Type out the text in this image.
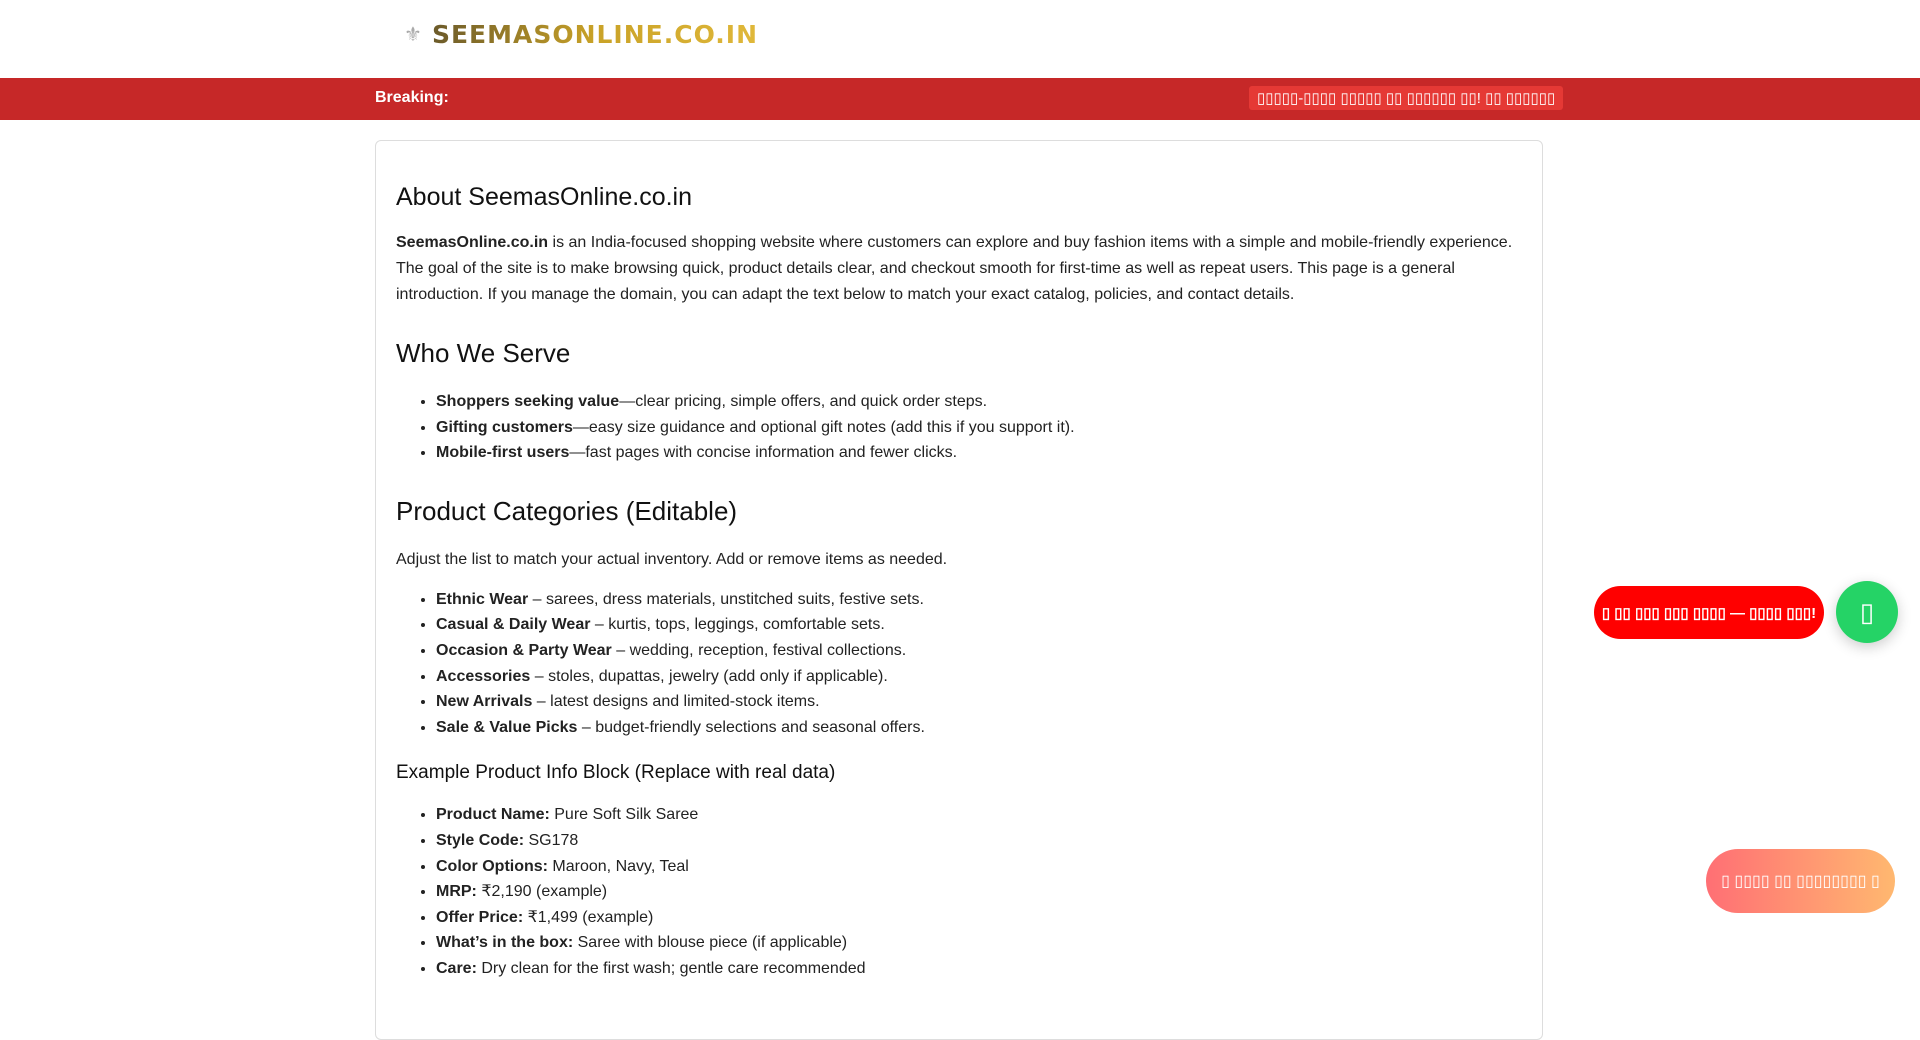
⚜ SEEMASONLINE.CO.IN
Breaking:	▯▯▯▯▯-▯▯▯▯ ▯▯▯▯▯ ▯▯ ▯▯▯▯▯▯ ▯▯! ▯▯ ▯▯▯▯▯▯
About SeemasOnline.co.in

SeemasOnline.co.in is an India-focused shopping website where customers can explore and buy fashion items with a simple and mobile-friendly experience. The goal of the site is to make browsing quick, product details clear, and checkout smooth for first-time as well as repeat users. This page is a general introduction. If you manage the domain, you can adapt the text below to match your exact catalog, policies, and contact details.

Who We Serve
• Shoppers seeking value—clear pricing, simple offers, and quick order steps.
• Gifting customers—easy size guidance and optional gift notes (add this if you support it).
• Mobile-first users—fast pages with concise information and fewer clicks.
Product Categories (Editable)

Adjust the list to match your actual inventory. Add or remove items as needed.

• Ethnic Wear – sarees, dress materials, unstitched suits, festive sets.
• Casual & Daily Wear – kurtis, tops, leggings, comfortable sets.
• Occasion & Party Wear – wedding, reception, festival collections.
• Accessories – stoles, dupattas, jewelry (add only if applicable).
• New Arrivals – latest designs and limited-stock items.
• Sale & Value Picks – budget-friendly selections and seasonal offers.
Example Product Info Block (Replace with real data)
• Product Name: Pure Soft Silk Saree
• Style Code: SG178
• Color Options: Maroon, Navy, Teal
• MRP: ₹2,190 (example)
• Offer Price: ₹1,499 (example)
• What’s in the box: Saree with blouse piece (if applicable)
• Care: Dry clean for the first wash; gentle care recommended
▯ ▯▯ ▯▯▯ ▯▯▯ ▯▯▯▯ — ▯▯▯▯ ▯▯▯!	▯
▯ ▯▯▯▯ ▯▯ ▯▯▯▯▯▯▯▯ ▯
